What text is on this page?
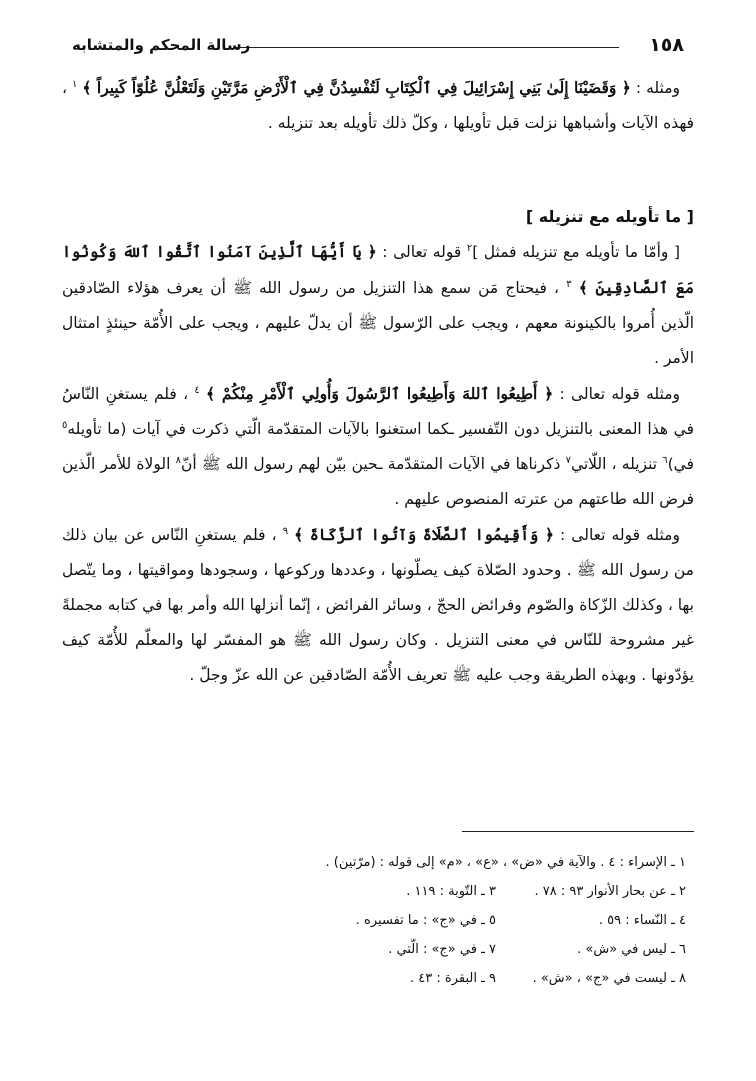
١٥٨
رسالة المحكم والمتشابه

ومثله : ﴿ وَقَضَيْنَا إِلَىٰ بَنِي إِسْرَائِيلَ فِي ٱلْكِتَابِ لَتُفْسِدُنَّ فِي ٱلْأَرْضِ مَرَّتَيْنِ وَلَتَعْلُنَّ عُلُوّاً كَبِيراً ﴾ $^١$ ، فهذه الآيات وأشباهها نزلت قبل تأويلها ، وكلّ ذلك تأويله بعد تنزيله .

[ ما تأويله مع تنزيله ]

[ وأمّا ما تأويله مع تنزيله فمثل ]$^٢$ قوله تعالى : ﴿ يَا أَيُّهَا ٱلَّذِينَ آمَنُوا ٱتَّقُوا ٱللهَ وَكُونُوا مَعَ ٱلصَّادِقِينَ ﴾ $^٣$ ، فيحتاج مَن سمع هذا التنزيل من رسول الله ﷺ أن يعرف هؤلاء الصّادقين الّذين أُمروا بالكينونة معهم ، ويجب على الرّسول ﷺ أن يدلّ عليهم ، ويجب على الأُمّة حينئذٍ امتثال الأمر .

ومثله قوله تعالى : ﴿ أَطِيعُوا ٱللهَ وَأَطِيعُوا ٱلرَّسُولَ وَأُولِي ٱلْأَمْرِ مِنْكُمْ ﴾ $^٤$ ، فلم يستغنِ النّاسُ في هذا المعنى بالتنزيل دون التّفسير ـكما استغنوا بالآيات المتقدّمة الّتي ذكرت في آيات (ما تأويله$^٥$ في)$^٦$ تنزيله ، اللّاتي$^٧$ ذكرناها في الآيات المتقدّمة ـحين بيّن لهم رسول الله ﷺ أنّ$^٨$ الولاة للأمر الّذين فرض الله طاعتهم من عترته المنصوص عليهم .

ومثله قوله تعالى : ﴿ وَأَقِيمُوا ٱلصَّلَاةَ وَآتُوا ٱلزَّكَاةَ ﴾ $^٩$ ، فلم يستغنِ النّاس عن بيان ذلك من رسول الله ﷺ . وحدود الصّلاة كيف يصلّونها ، وعددها وركوعها ، وسجودها ومواقيتها ، وما يتّصل بها ، وكذلك الزّكاة والصّوم وفرائض الحجّ ، وسائر الفرائض ، إنّما أنزلها الله وأمر بها في كتابه مجملةً غير مشروحة للنّاس في معنى التنزيل . وكان رسول الله ﷺ هو المفسّر لها والمعلّم للأُمّة كيف يؤدّونها . وبهذه الطريقة وجب عليه ﷺ تعريف الأُمّة الصّادقين عن الله عزّ وجلّ .

١ ـ الإسراء : ٤ . والآية في «ض» ، «ع» ، «م» إلى قوله : (مرّتين) .
٢ ـ عن بحار الأنوار ٩٣ : ٧٨ .
٣ ـ التّوبة : ١١٩ .
٤ ـ النّساء : ٥٩ .
٥ ـ في «ج» : ما تفسيره .
٦ ـ ليس في «ش» .
٧ ـ في «ج» : الّتي .
٨ ـ ليست في «ج» ، «ش» .
٩ ـ البقرة : ٤٣ .
